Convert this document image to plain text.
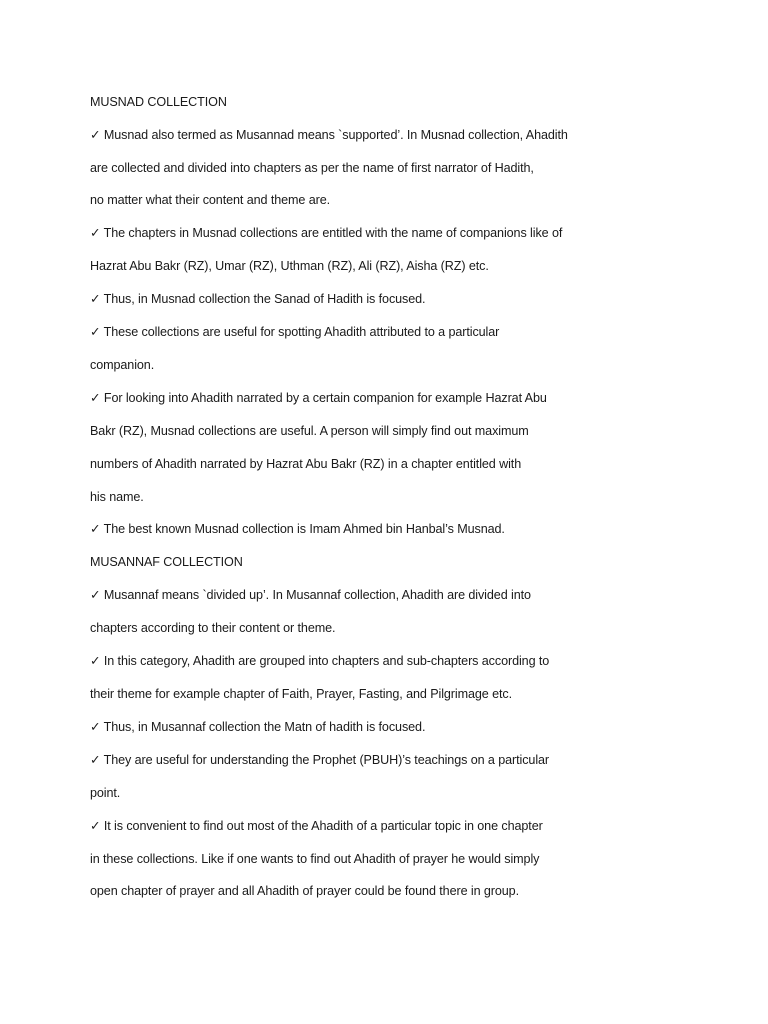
MUSNAD COLLECTION
✓ Musnad also termed as Musannad means `supported’. In Musnad collection, Ahadith
are collected and divided into chapters as per the name of first narrator of Hadith,
no matter what their content and theme are.
✓ The chapters in Musnad collections are entitled with the name of companions like of
Hazrat Abu Bakr (RZ), Umar (RZ), Uthman (RZ), Ali (RZ), Aisha (RZ) etc.
✓ Thus, in Musnad collection the Sanad of Hadith is focused.
✓ These collections are useful for spotting Ahadith attributed to a particular
companion.
✓ For looking into Ahadith narrated by a certain companion for example Hazrat Abu
Bakr (RZ), Musnad collections are useful. A person will simply find out maximum
numbers of Ahadith narrated by Hazrat Abu Bakr (RZ) in a chapter entitled with
his name.
✓ The best known Musnad collection is Imam Ahmed bin Hanbal’s Musnad.
MUSANNAF COLLECTION
✓ Musannaf means `divided up’. In Musannaf collection, Ahadith are divided into
chapters according to their content or theme.
✓ In this category, Ahadith are grouped into chapters and sub-chapters according to
their theme for example chapter of Faith, Prayer, Fasting, and Pilgrimage etc.
✓ Thus, in Musannaf collection the Matn of hadith is focused.
✓ They are useful for understanding the Prophet (PBUH)’s teachings on a particular
point.
✓ It is convenient to find out most of the Ahadith of a particular topic in one chapter
in these collections. Like if one wants to find out Ahadith of prayer he would simply
open chapter of prayer and all Ahadith of prayer could be found there in group.
